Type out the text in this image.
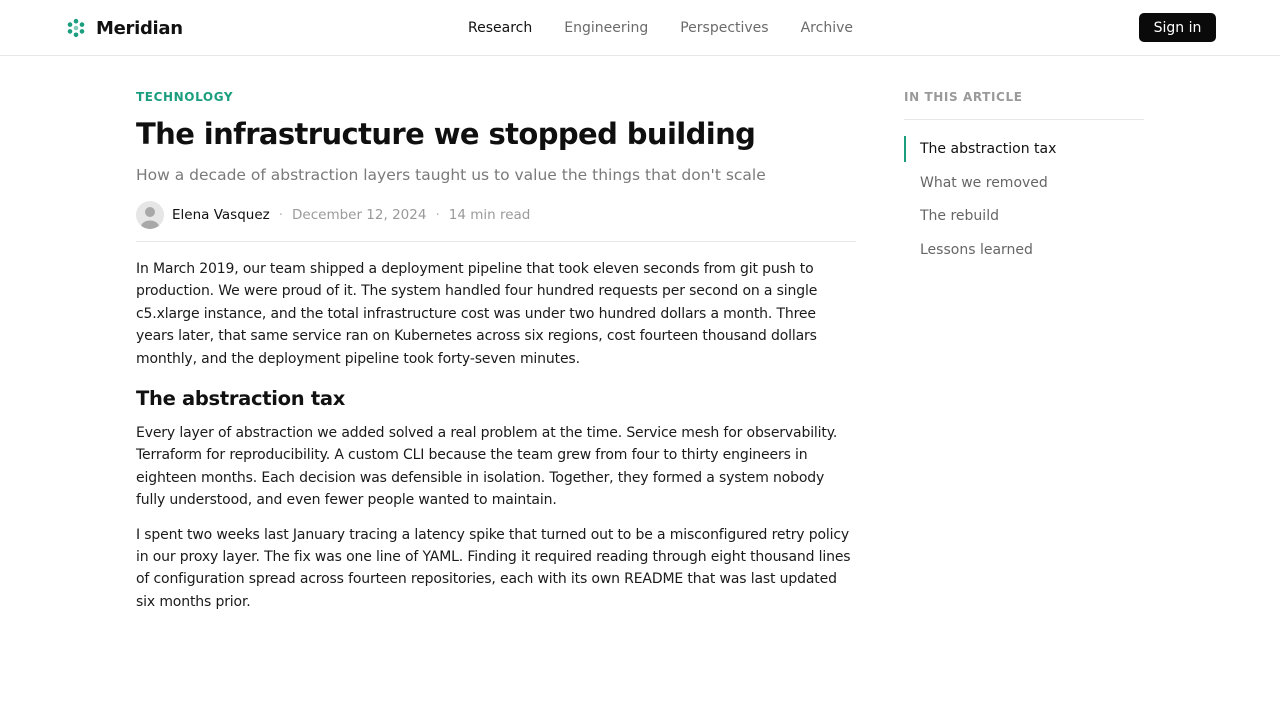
Meridian	Research Engineering Perspectives Archive	Sign in
TECHNOLOGY
The infrastructure we stopped building

How a decade of abstraction layers taught us to value the things that don't scale

Elena Vasquez · December 12, 2024 · 14 min read

In March 2019, our team shipped a deployment pipeline that took eleven seconds from git push to production. We were proud of it. The system handled four hundred requests per second on a single c5.xlarge instance, and the total infrastructure cost was under two hundred dollars a month. Three years later, that same service ran on Kubernetes across six regions, cost fourteen thousand dollars monthly, and the deployment pipeline took forty-seven minutes.

The abstraction tax

Every layer of abstraction we added solved a real problem at the time. Service mesh for observability. Terraform for reproducibility. A custom CLI because the team grew from four to thirty engineers in eighteen months. Each decision was defensible in isolation. Together, they formed a system nobody fully understood, and even fewer people wanted to maintain.

I spent two weeks last January tracing a latency spike that turned out to be a misconfigured retry policy in our proxy layer. The fix was one line of YAML. Finding it required reading through eight thousand lines of configuration spread across fourteen repositories, each with its own README that was last updated six months prior.

IN THIS ARTICLE
The abstraction tax
What we removed
The rebuild
Lessons learned
